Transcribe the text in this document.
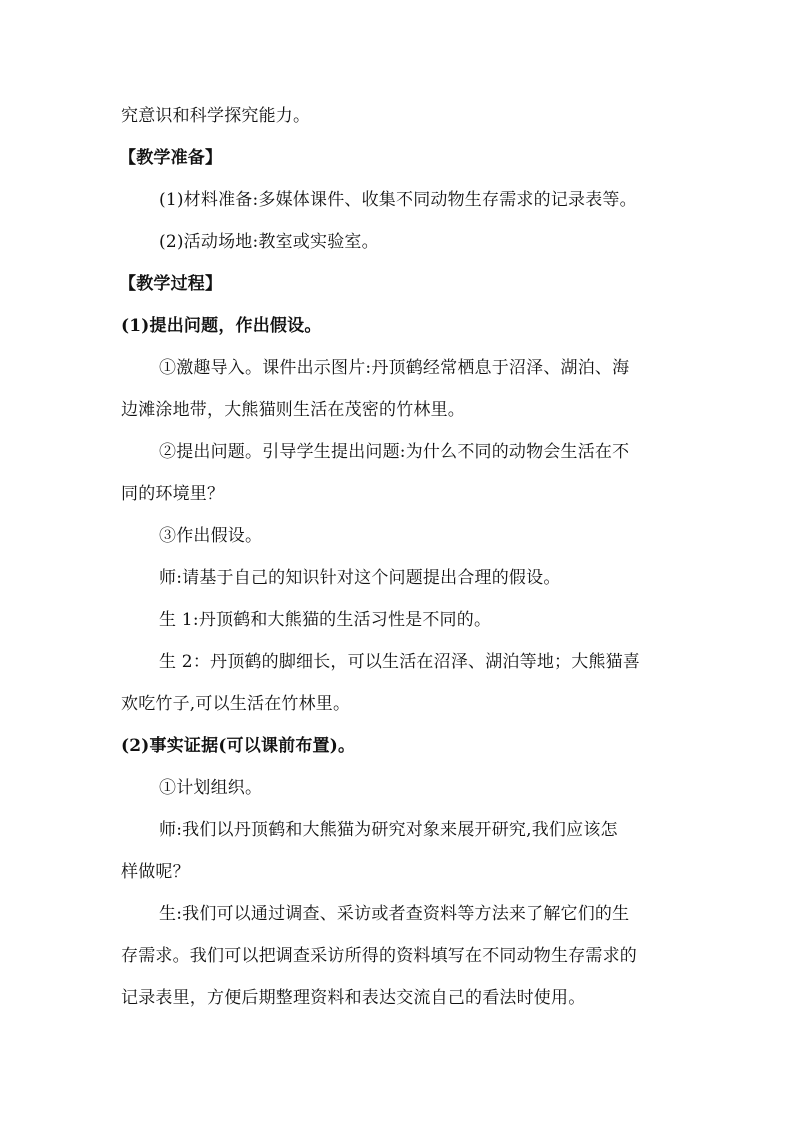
究意识和科学探究能力。
【教学准备】
(1)材料准备:多媒体课件、收集不同动物生存需求的记录表等。
(2)活动场地:教室或实验室。
【教学过程】
(1)提出问题，作出假设。
①激趣导入。课件出示图片:丹顶鹤经常栖息于沼泽、湖泊、海
边滩涂地带，大熊猫则生活在茂密的竹林里。
②提出问题。引导学生提出问题:为什么不同的动物会生活在不
同的环境里？
③作出假设。
师:请基于自己的知识针对这个问题提出合理的假设。
生 1:丹顶鹤和大熊猫的生活习性是不同的。
生 2：丹顶鹤的脚细长，可以生活在沼泽、湖泊等地；大熊猫喜
欢吃竹子,可以生活在竹林里。
(2)事实证据(可以课前布置)。
①计划组织。
师:我们以丹顶鹤和大熊猫为研究对象来展开研究,我们应该怎
样做呢？
生:我们可以通过调查、采访或者查资料等方法来了解它们的生
存需求。我们可以把调查采访所得的资料填写在不同动物生存需求的
记录表里，方便后期整理资料和表达交流自己的看法时使用。
